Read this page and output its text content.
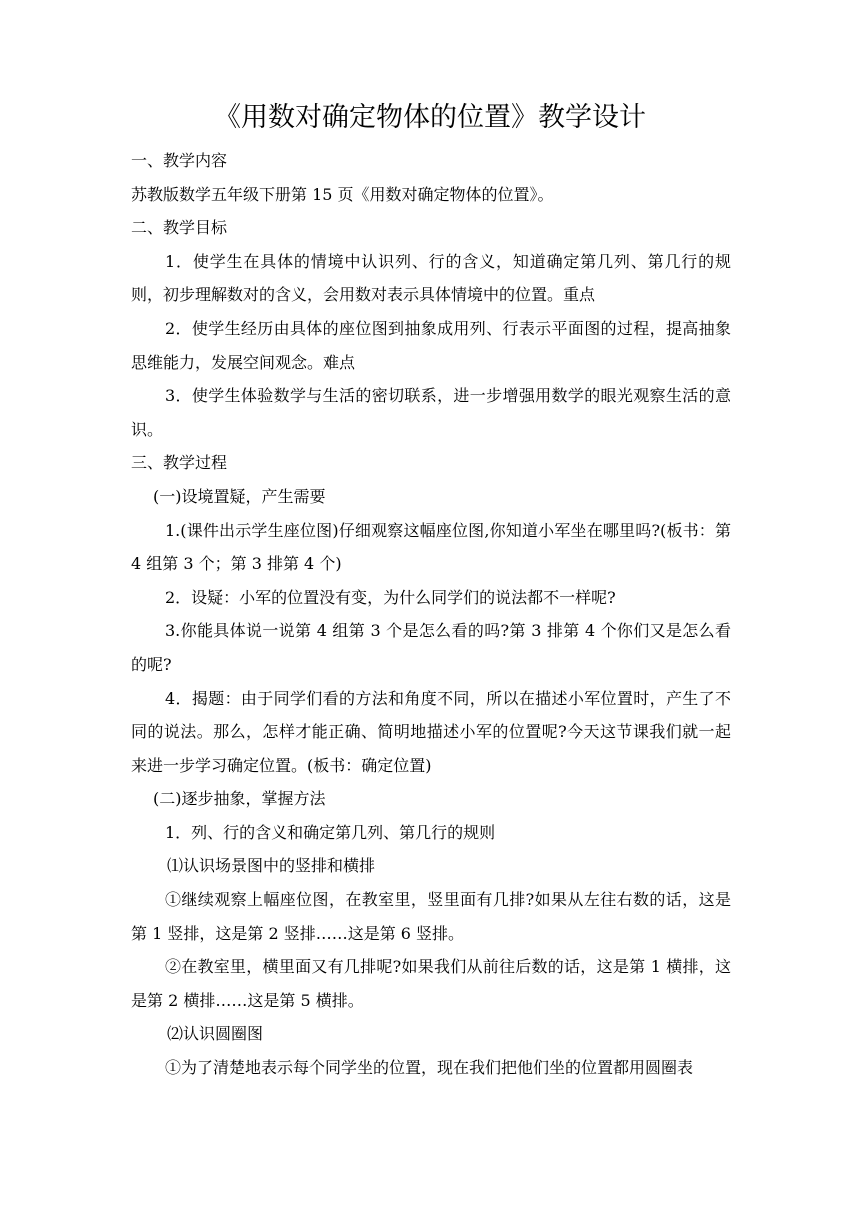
《用数对确定物体的位置》教学设计

一、教学内容

苏教版数学五年级下册第 15 页《用数对确定物体的位置》。

二、教学目标

1．使学生在具体的情境中认识列、行的含义，知道确定第几列、第几行的规则，初步理解数对的含义，会用数对表示具体情境中的位置。重点

2．使学生经历由具体的座位图到抽象成用列、行表示平面图的过程，提高抽象思维能力，发展空间观念。难点

3．使学生体验数学与生活的密切联系，进一步增强用数学的眼光观察生活的意识。

三、教学过程

(一)设境置疑，产生需要

1.(课件出示学生座位图)仔细观察这幅座位图,你知道小军坐在哪里吗?(板书：第 4 组第 3 个；第 3 排第 4 个)

2．设疑：小军的位置没有变，为什么同学们的说法都不一样呢?

3.你能具体说一说第 4 组第 3 个是怎么看的吗?第 3 排第 4 个你们又是怎么看的呢?

4．揭题：由于同学们看的方法和角度不同，所以在描述小军位置时，产生了不同的说法。那么，怎样才能正确、简明地描述小军的位置呢?今天这节课我们就一起来进一步学习确定位置。(板书：确定位置)

(二)逐步抽象，掌握方法

1．列、行的含义和确定第几列、第几行的规则

⑴认识场景图中的竖排和横排

①继续观察上幅座位图，在教室里，竖里面有几排?如果从左往右数的话，这是第 1 竖排，这是第 2 竖排……这是第 6 竖排。

②在教室里，横里面又有几排呢?如果我们从前往后数的话，这是第 1 横排，这是第 2 横排……这是第 5 横排。

⑵认识圆圈图

①为了清楚地表示每个同学坐的位置，现在我们把他们坐的位置都用圆圈表
